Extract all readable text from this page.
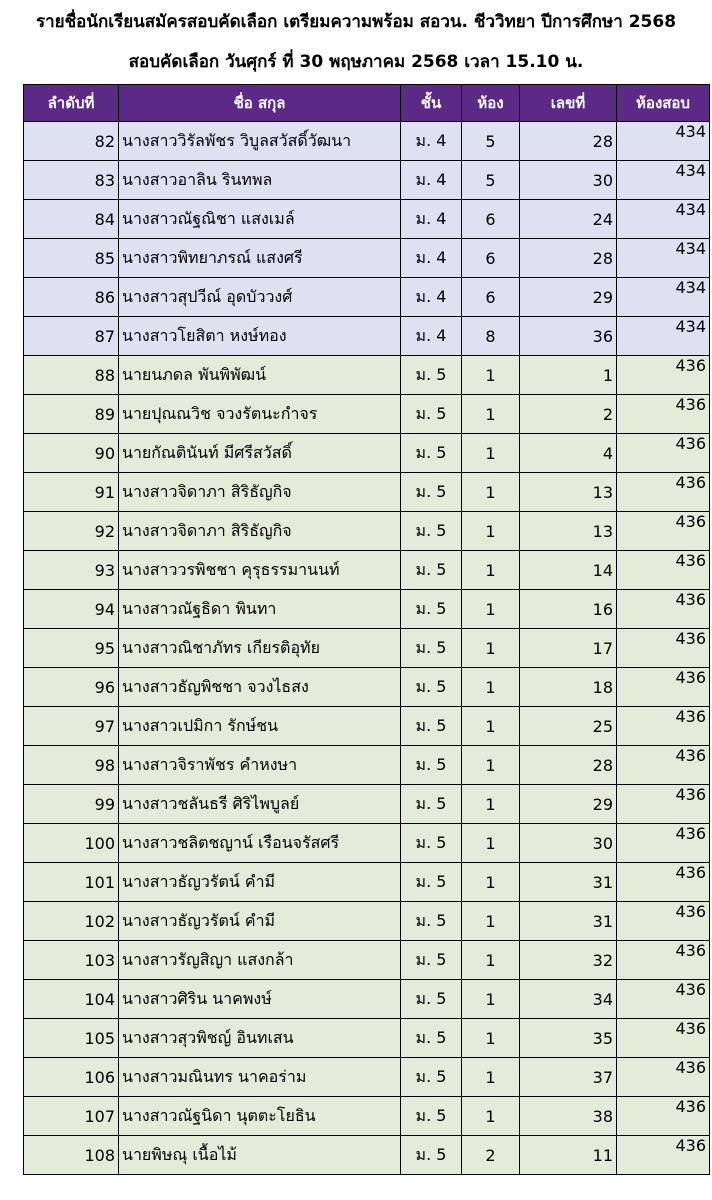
รายชื่อนักเรียนสมัครสอบคัดเลือก เตรียมความพร้อม สอวน. ชีววิทยา ปีการศึกษา 2568
สอบคัดเลือก วันศุกร์ ที่ 30 พฤษภาคม 2568 เวลา 15.10 น.
ลำดับที่	ชื่อ สกุล	ชั้น	ห้อง	เลขที่	ห้องสอบ
82	นางสาววิรัลพัชร วิบูลสวัสดิ์วัฒนา	ม. 4	5	28	434
83	นางสาวอาลิน รินทพล	ม. 4	5	30	434
84	นางสาวณัฐณิชา แสงเมล์	ม. 4	6	24	434
85	นางสาวพิทยาภรณ์ แสงศรี	ม. 4	6	28	434
86	นางสาวสุปวีณ์ อุดบัววงศ์	ม. 4	6	29	434
87	นางสาวโยสิตา หงษ์ทอง	ม. 4	8	36	434
88	นายนภดล พันพิพัฒน์	ม. 5	1	1	436
89	นายปุณณวิช จวงรัตนะกำจร	ม. 5	1	2	436
90	นายกัณตินันท์ มีศรีสวัสดิ์	ม. 5	1	4	436
91	นางสาวจิดาภา สิริธัญกิจ	ม. 5	1	13	436
92	นางสาวจิดาภา สิริธัญกิจ	ม. 5	1	13	436
93	นางสาววรพิชชา คุรุธรรมานนท์	ม. 5	1	14	436
94	นางสาวณัฐธิดา พินทา	ม. 5	1	16	436
95	นางสาวณิชาภัทร เกียรติอุทัย	ม. 5	1	17	436
96	นางสาวธัญพิชชา จวงไธสง	ม. 5	1	18	436
97	นางสาวเปมิกา รักษ์ชน	ม. 5	1	25	436
98	นางสาวจิราพัชร คำหงษา	ม. 5	1	28	436
99	นางสาวชลันธรี ศิริไพบูลย์	ม. 5	1	29	436
100	นางสาวชลิตชญาน์ เรือนจรัสศรี	ม. 5	1	30	436
101	นางสาวธัญวรัตน์ คำมี	ม. 5	1	31	436
102	นางสาวธัญวรัตน์ คำมี	ม. 5	1	31	436
103	นางสาวรัญสิญา แสงกล้า	ม. 5	1	32	436
104	นางสาวศิริน นาคพงษ์	ม. 5	1	34	436
105	นางสาวสุวพิชญ์ อินทเสน	ม. 5	1	35	436
106	นางสาวมณินทร นาคอร่าม	ม. 5	1	37	436
107	นางสาวณัฐนิดา นุตตะโยธิน	ม. 5	1	38	436
108	นายพิษณุ เนื้อไม้	ม. 5	2	11	436
